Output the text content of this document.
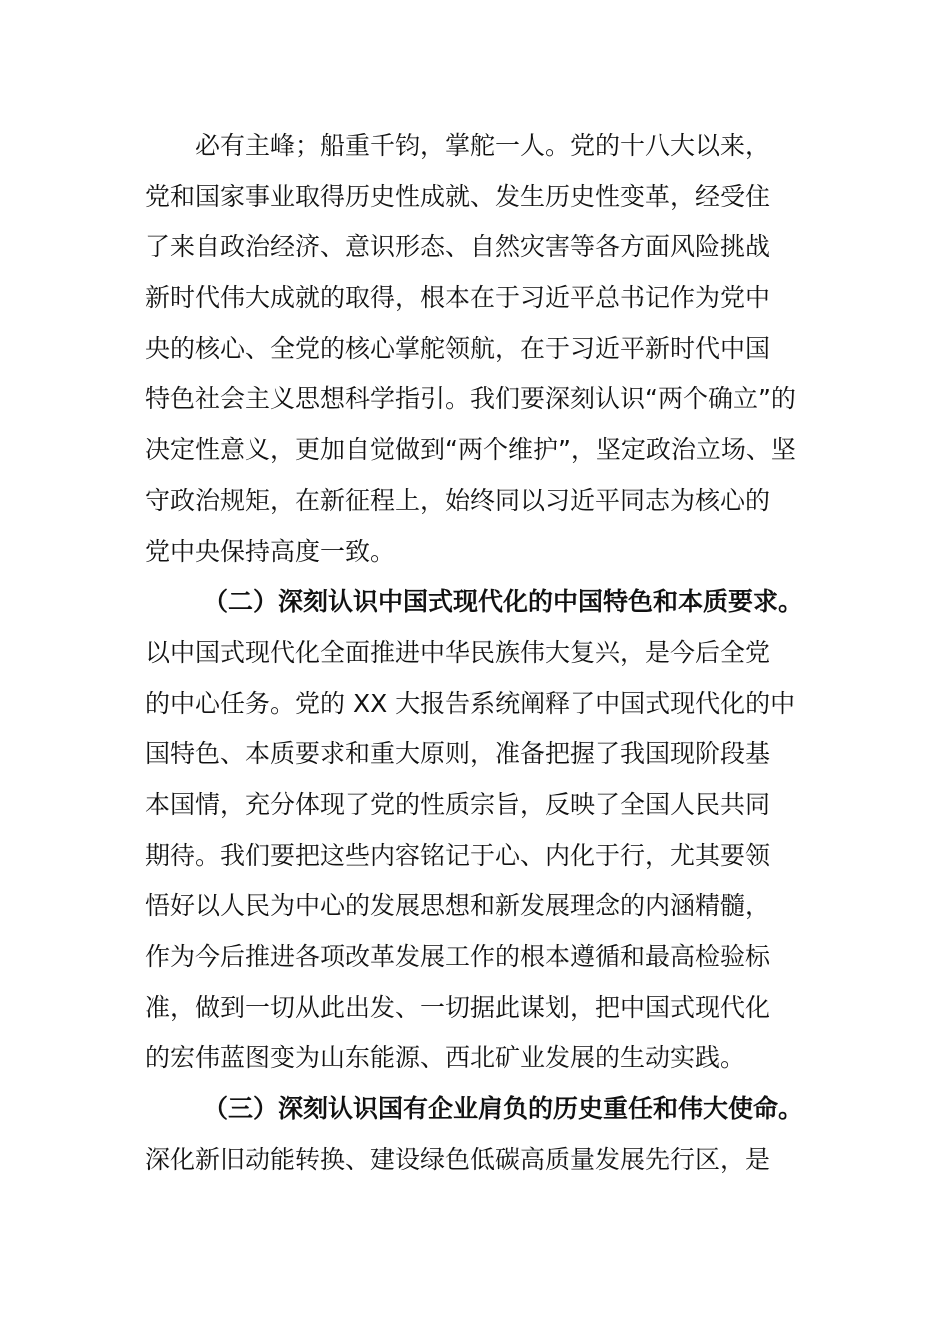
必有主峰；船重千钧，掌舵一人。党的十八大以来，
党和国家事业取得历史性成就、发生历史性变革，经受住
了来自政治经济、意识形态、自然灾害等各方面风险挑战
新时代伟大成就的取得，根本在于习近平总书记作为党中
央的核心、全党的核心掌舵领航，在于习近平新时代中国
特色社会主义思想科学指引。我们要深刻认识“两个确立”的
决定性意义，更加自觉做到“两个维护”，坚定政治立场、坚
守政治规矩，在新征程上，始终同以习近平同志为核心的
党中央保持高度一致。
（二）深刻认识中国式现代化的中国特色和本质要求。
以中国式现代化全面推进中华民族伟大复兴，是今后全党
的中心任务。党的 XX 大报告系统阐释了中国式现代化的中
国特色、本质要求和重大原则，准备把握了我国现阶段基
本国情，充分体现了党的性质宗旨，反映了全国人民共同
期待。我们要把这些内容铭记于心、内化于行，尤其要领
悟好以人民为中心的发展思想和新发展理念的内涵精髓，
作为今后推进各项改革发展工作的根本遵循和最高检验标
准，做到一切从此出发、一切据此谋划，把中国式现代化
的宏伟蓝图变为山东能源、西北矿业发展的生动实践。
（三）深刻认识国有企业肩负的历史重任和伟大使命。
深化新旧动能转换、建设绿色低碳高质量发展先行区，是
